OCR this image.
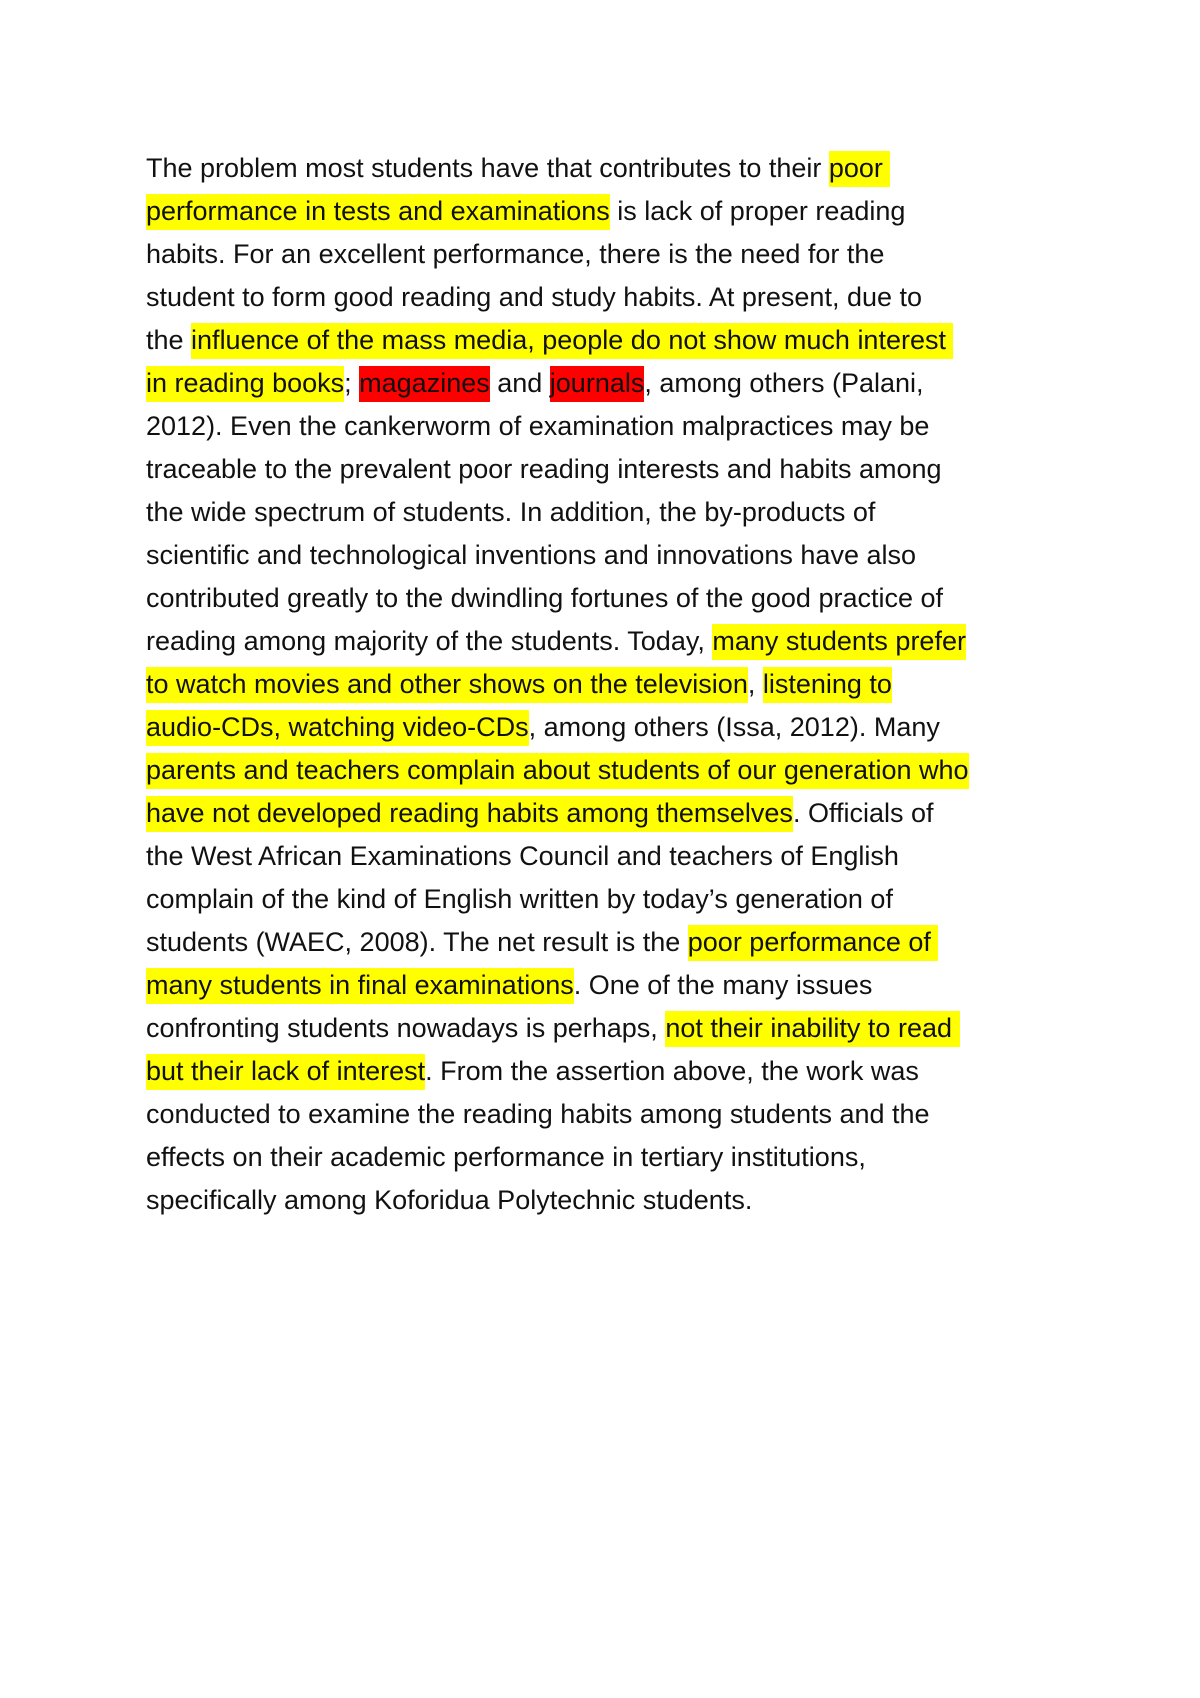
The problem most students have that contributes to their poor
performance in tests and examinations is lack of proper reading
habits. For an excellent performance, there is the need for the
student to form good reading and study habits. At present, due to
the influence of the mass media, people do not show much interest
in reading books; magazines and journals, among others (Palani,
2012). Even the cankerworm of examination malpractices may be
traceable to the prevalent poor reading interests and habits among
the wide spectrum of students. In addition, the by-products of
scientific and technological inventions and innovations have also
contributed greatly to the dwindling fortunes of the good practice of
reading among majority of the students. Today, many students prefer
to watch movies and other shows on the television, listening to
audio-CDs, watching video-CDs, among others (Issa, 2012). Many
parents and teachers complain about students of our generation who
have not developed reading habits among themselves. Officials of
the West African Examinations Council and teachers of English
complain of the kind of English written by today’s generation of
students (WAEC, 2008). The net result is the poor performance of
many students in final examinations. One of the many issues
confronting students nowadays is perhaps, not their inability to read
but their lack of interest. From the assertion above, the work was
conducted to examine the reading habits among students and the
effects on their academic performance in tertiary institutions,
specifically among Koforidua Polytechnic students.
